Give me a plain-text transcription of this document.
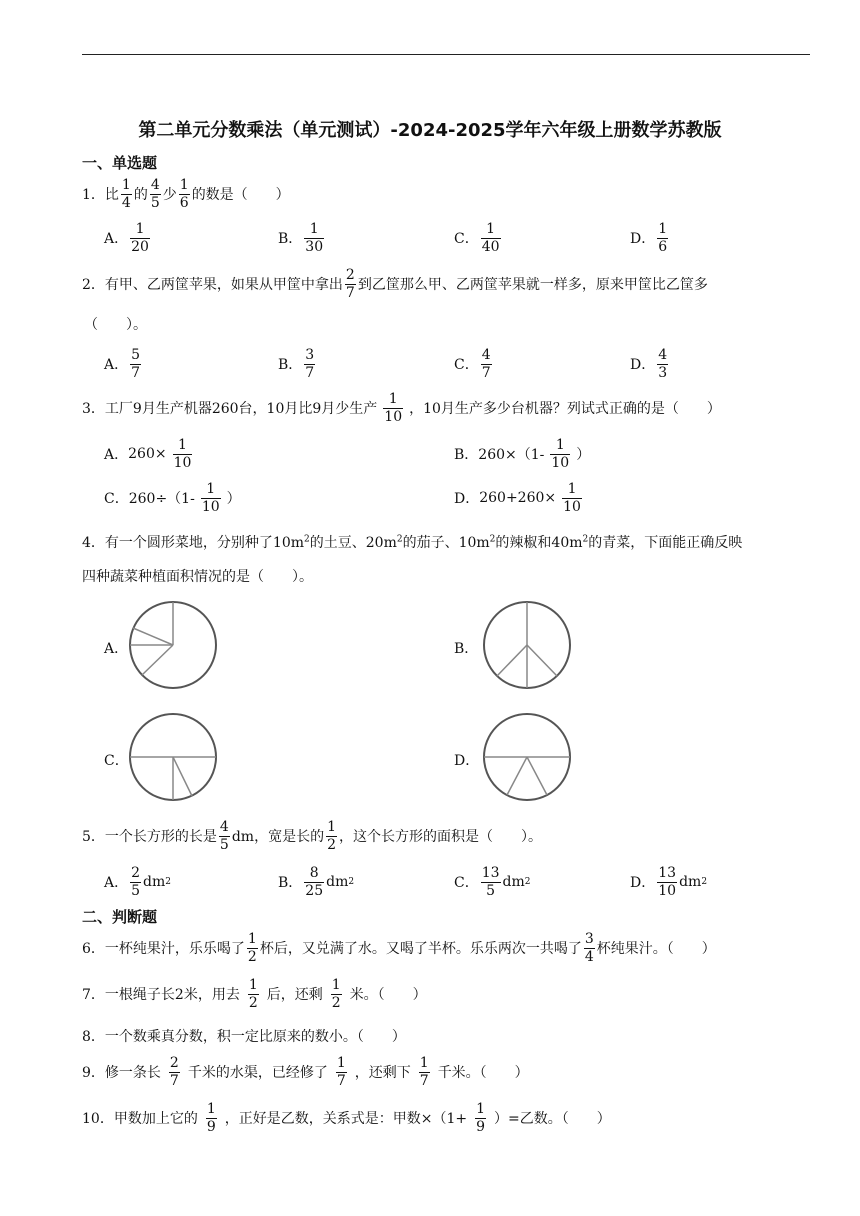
第二单元分数乘法（单元测试）-2024-2025学年六年级上册数学苏教版
一、单选题
1． 比 $\frac{1}{4}$ 的 $\frac{4}{5}$ 少 $\frac{1}{6}$ 的数是（　　）
A． $\frac{1}{20}$	B． $\frac{1}{30}$	C． $\frac{1}{40}$	D． $\frac{1}{6}$
2． 有甲、乙两筐苹果，如果从甲筐中拿出 $\frac{2}{7}$ 到乙筐那么甲、乙两筐苹果就一样多，原来甲筐比乙筐多
（　　）。
A． $\frac{5}{7}$	B． $\frac{3}{7}$	C． $\frac{4}{7}$	D． $\frac{4}{3}$
3． 工厂9月生产机器260台，10月比9月少生产 $\frac{1}{10}$ ，10月生产多少台机器？列试式正确的是（　　）
A． $260\times \frac{1}{10}$	B． $260\times(1- \frac{1}{10}$ ）
C． $260\div(1- \frac{1}{10}$ ）	D． $260+260\times \frac{1}{10}$
4．有一个圆形菜地，分别种了$10m^2$的土豆、$20m^2$的茄子、$10m^2$的辣椒和$40m^2$的青菜，下面能正确反映
四种蔬菜种植面积情况的是（　　）。
A．	B．
C．	D．
5． 一个长方形的长是 $\frac{4}{5}$ dm，宽是长的 $\frac{1}{2}$ ，这个长方形的面积是（　　）。
A． $\frac{2}{5}$ dm 2	B． $\frac{8}{25}$ dm 2	C． $\frac{13}{5}$ dm 2	D． $\frac{13}{10}$ dm 2
二、判断题
6． 一杯纯果汁，乐乐喝了 $\frac{1}{2}$ 杯后，又兑满了水。又喝了半杯。乐乐两次一共喝了 $\frac{3}{4}$ 杯纯果汁。（　　）
7． 一根绳子长2米，用去 $\frac{1}{2}$ 后，还剩 $\frac{1}{2}$ 米。（　　）
8．一个数乘真分数，积一定比原来的数小。（　　）
9． 修一条长 $\frac{2}{7}$ 千米的水渠，已经修了 $\frac{1}{7}$ ，还剩下 $\frac{1}{7}$ 千米。（　　）
10． 甲数加上它的 $\frac{1}{9}$ ，正好是乙数，关系式是：甲数$\times(1+ \frac{1}{9}$ ）=乙数。（　　）
